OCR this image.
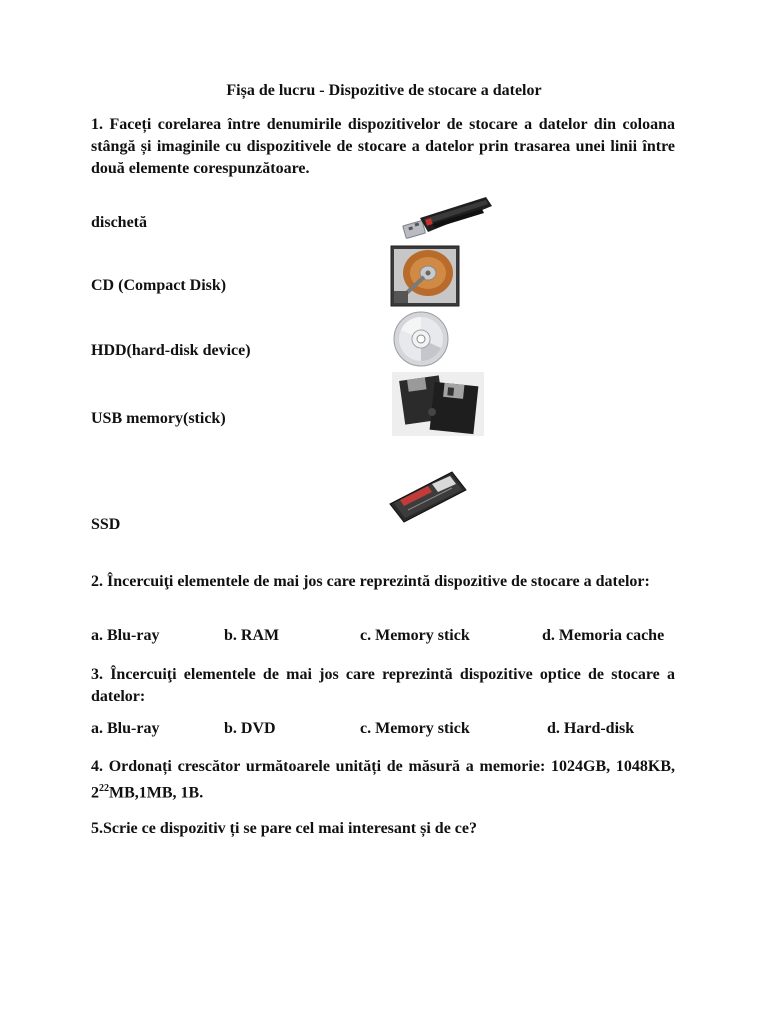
Fișa de lucru - Dispozitive de stocare a datelor
1. Faceți corelarea între denumirile dispozitivelor de stocare a datelor din coloana stângă și imaginile cu dispozitivele de stocare a datelor prin trasarea unei linii între două elemente corespunzătoare.
dischetă
CD (Compact Disk)
HDD(hard-disk device)
USB memory(stick)
SSD
2. Încercuiţi elementele de mai jos care reprezintă dispozitive de stocare a datelor:
a. Blu-ray	b. RAM	c. Memory stick	d. Memoria cache
3. Încercuiţi elementele de mai jos care reprezintă dispozitive optice de stocare a datelor:
a. Blu-ray	b. DVD	c. Memory stick	d. Hard-disk
4. Ordonați crescător următoarele unități de măsură a memorie: 1024GB, 1048KB, $2^{22}MB,1MB$, 1B.
5.Scrie ce dispozitiv ți se pare cel mai interesant și de ce?
